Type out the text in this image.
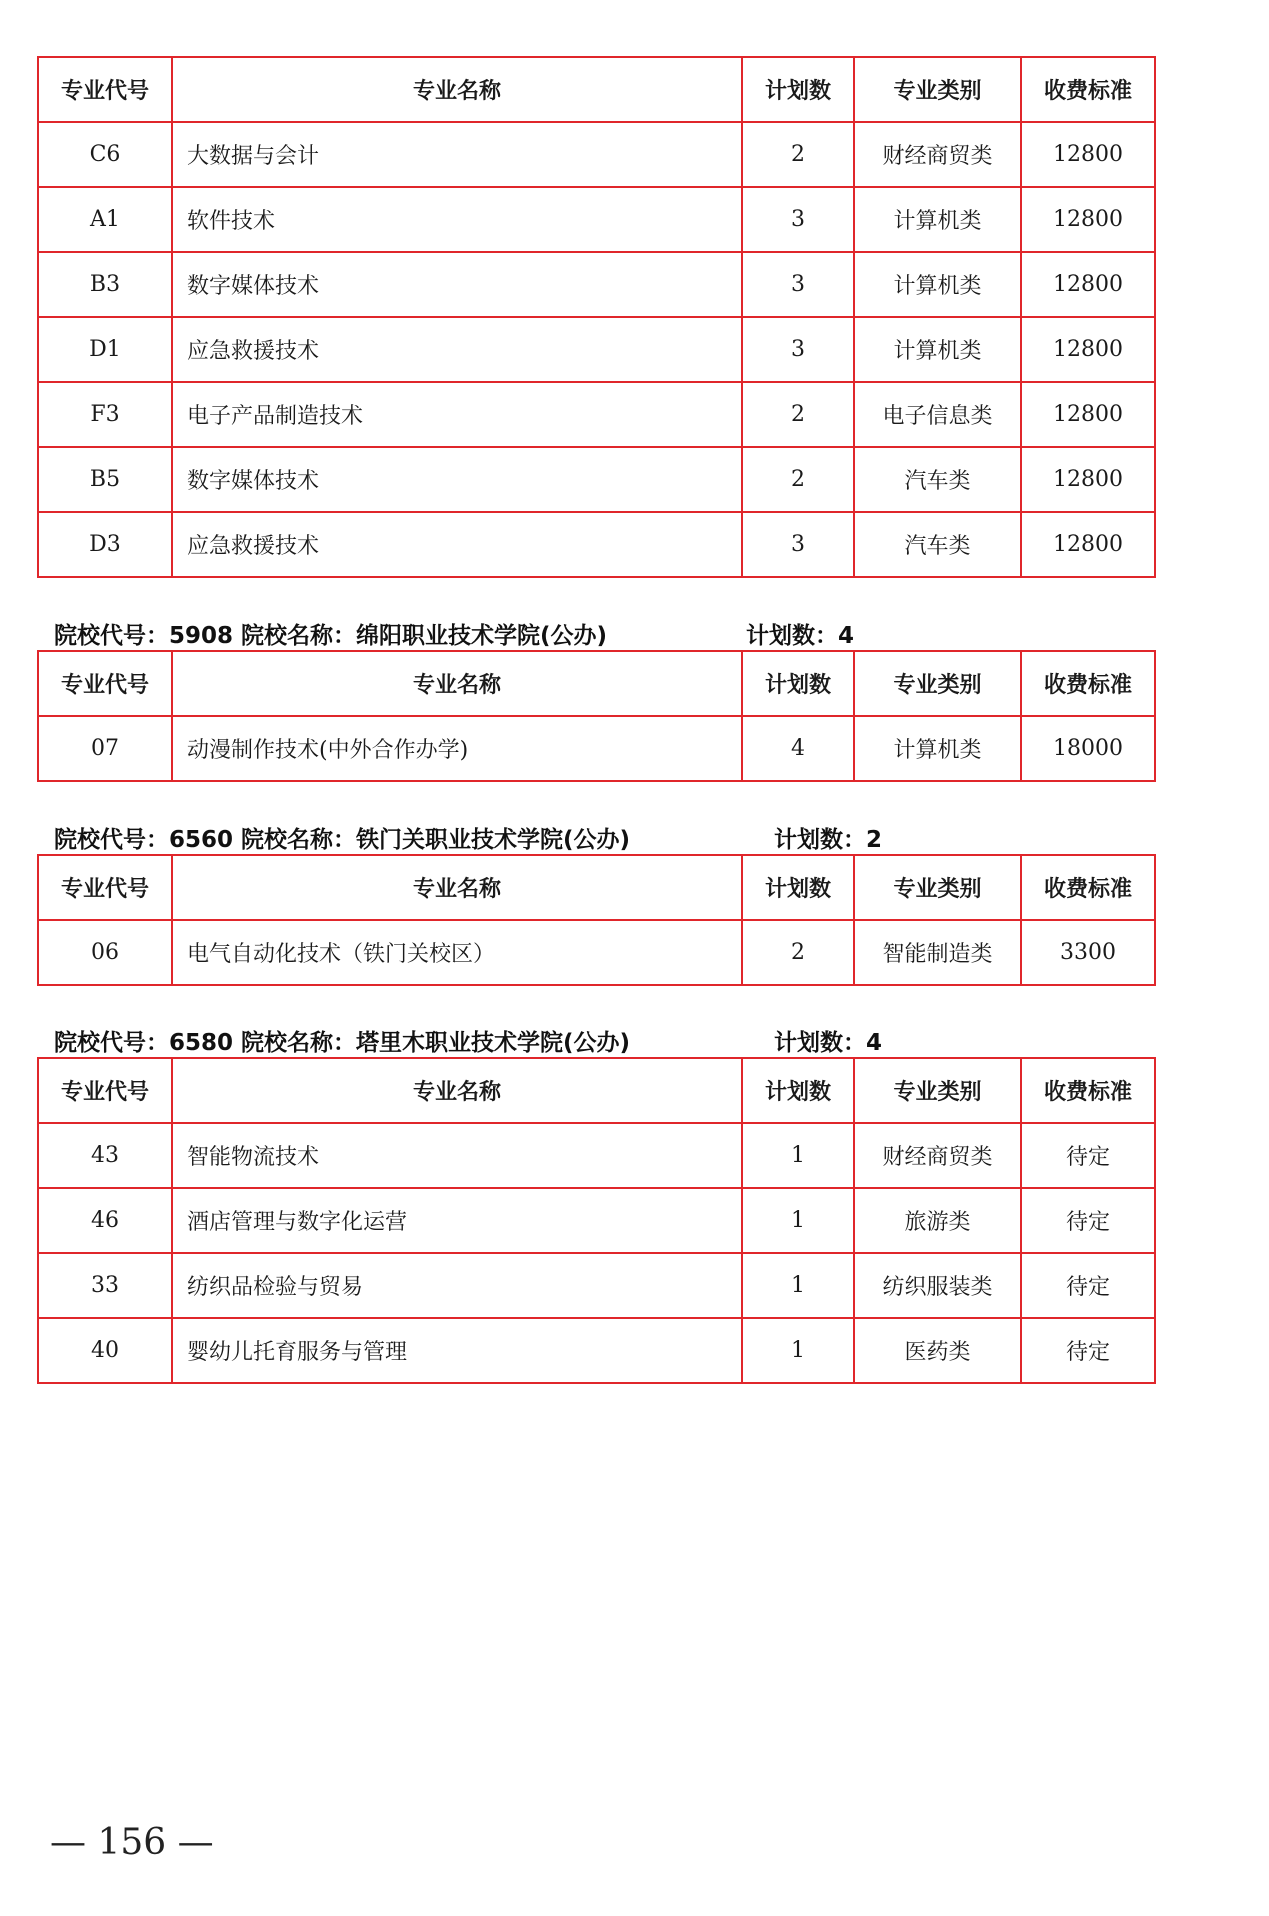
专业代号	专业名称	计划数	专业类别	收费标准
C6	大数据与会计	2	财经商贸类	12800
A1	软件技术	3	计算机类	12800
B3	数字媒体技术	3	计算机类	12800
D1	应急救援技术	3	计算机类	12800
F3	电子产品制造技术	2	电子信息类	12800
B5	数字媒体技术	2	汽车类	12800
D3	应急救援技术	3	汽车类	12800
院校代号：5908 院校名称：绵阳职业技术学院(公办)	计划数：4
专业代号	专业名称	计划数	专业类别	收费标准
07	动漫制作技术(中外合作办学)	4	计算机类	18000
院校代号：6560 院校名称：铁门关职业技术学院(公办)	计划数：2
专业代号	专业名称	计划数	专业类别	收费标准
06	电气自动化技术（铁门关校区）	2	智能制造类	3300
院校代号：6580 院校名称：塔里木职业技术学院(公办)	计划数：4
专业代号	专业名称	计划数	专业类别	收费标准
43	智能物流技术	1	财经商贸类	待定
46	酒店管理与数字化运营	1	旅游类	待定
33	纺织品检验与贸易	1	纺织服装类	待定
40	婴幼儿托育服务与管理	1	医药类	待定
— 156 —
